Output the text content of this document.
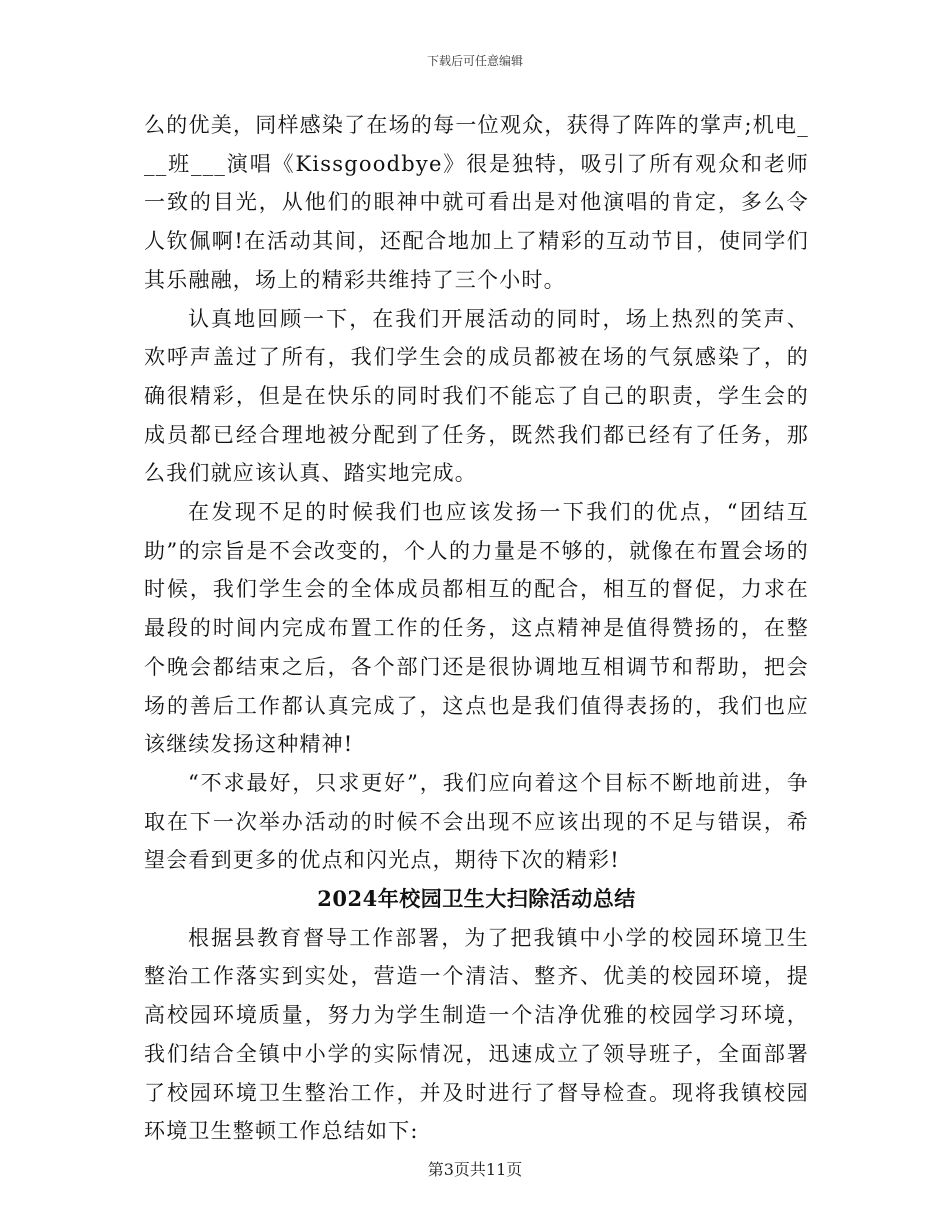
下载后可任意编辑

么的优美，同样感染了在场的每一位观众，获得了阵阵的掌声;机电___班___演唱《Kissgoodbye》很是独特，吸引了所有观众和老师一致的目光，从他们的眼神中就可看出是对他演唱的肯定，多么令人钦佩啊!在活动其间，还配合地加上了精彩的互动节目，使同学们其乐融融，场上的精彩共维持了三个小时。

认真地回顾一下，在我们开展活动的同时，场上热烈的笑声、欢呼声盖过了所有，我们学生会的成员都被在场的气氛感染了，的确很精彩，但是在快乐的同时我们不能忘了自己的职责，学生会的成员都已经合理地被分配到了任务，既然我们都已经有了任务，那么我们就应该认真、踏实地完成。

在发现不足的时候我们也应该发扬一下我们的优点，“团结互助”的宗旨是不会改变的，个人的力量是不够的，就像在布置会场的时候，我们学生会的全体成员都相互的配合，相互的督促，力求在最段的时间内完成布置工作的任务，这点精神是值得赞扬的，在整个晚会都结束之后，各个部门还是很协调地互相调节和帮助，把会场的善后工作都认真完成了，这点也是我们值得表扬的，我们也应该继续发扬这种精神!

“不求最好，只求更好”，我们应向着这个目标不断地前进，争取在下一次举办活动的时候不会出现不应该出现的不足与错误，希望会看到更多的优点和闪光点，期待下次的精彩!

2024年校园卫生大扫除活动总结

根据县教育督导工作部署，为了把我镇中小学的校园环境卫生整治工作落实到实处，营造一个清洁、整齐、优美的校园环境，提高校园环境质量，努力为学生制造一个洁净优雅的校园学习环境，我们结合全镇中小学的实际情况，迅速成立了领导班子，全面部署了校园环境卫生整治工作，并及时进行了督导检查。现将我镇校园环境卫生整顿工作总结如下:

第3页共11页
